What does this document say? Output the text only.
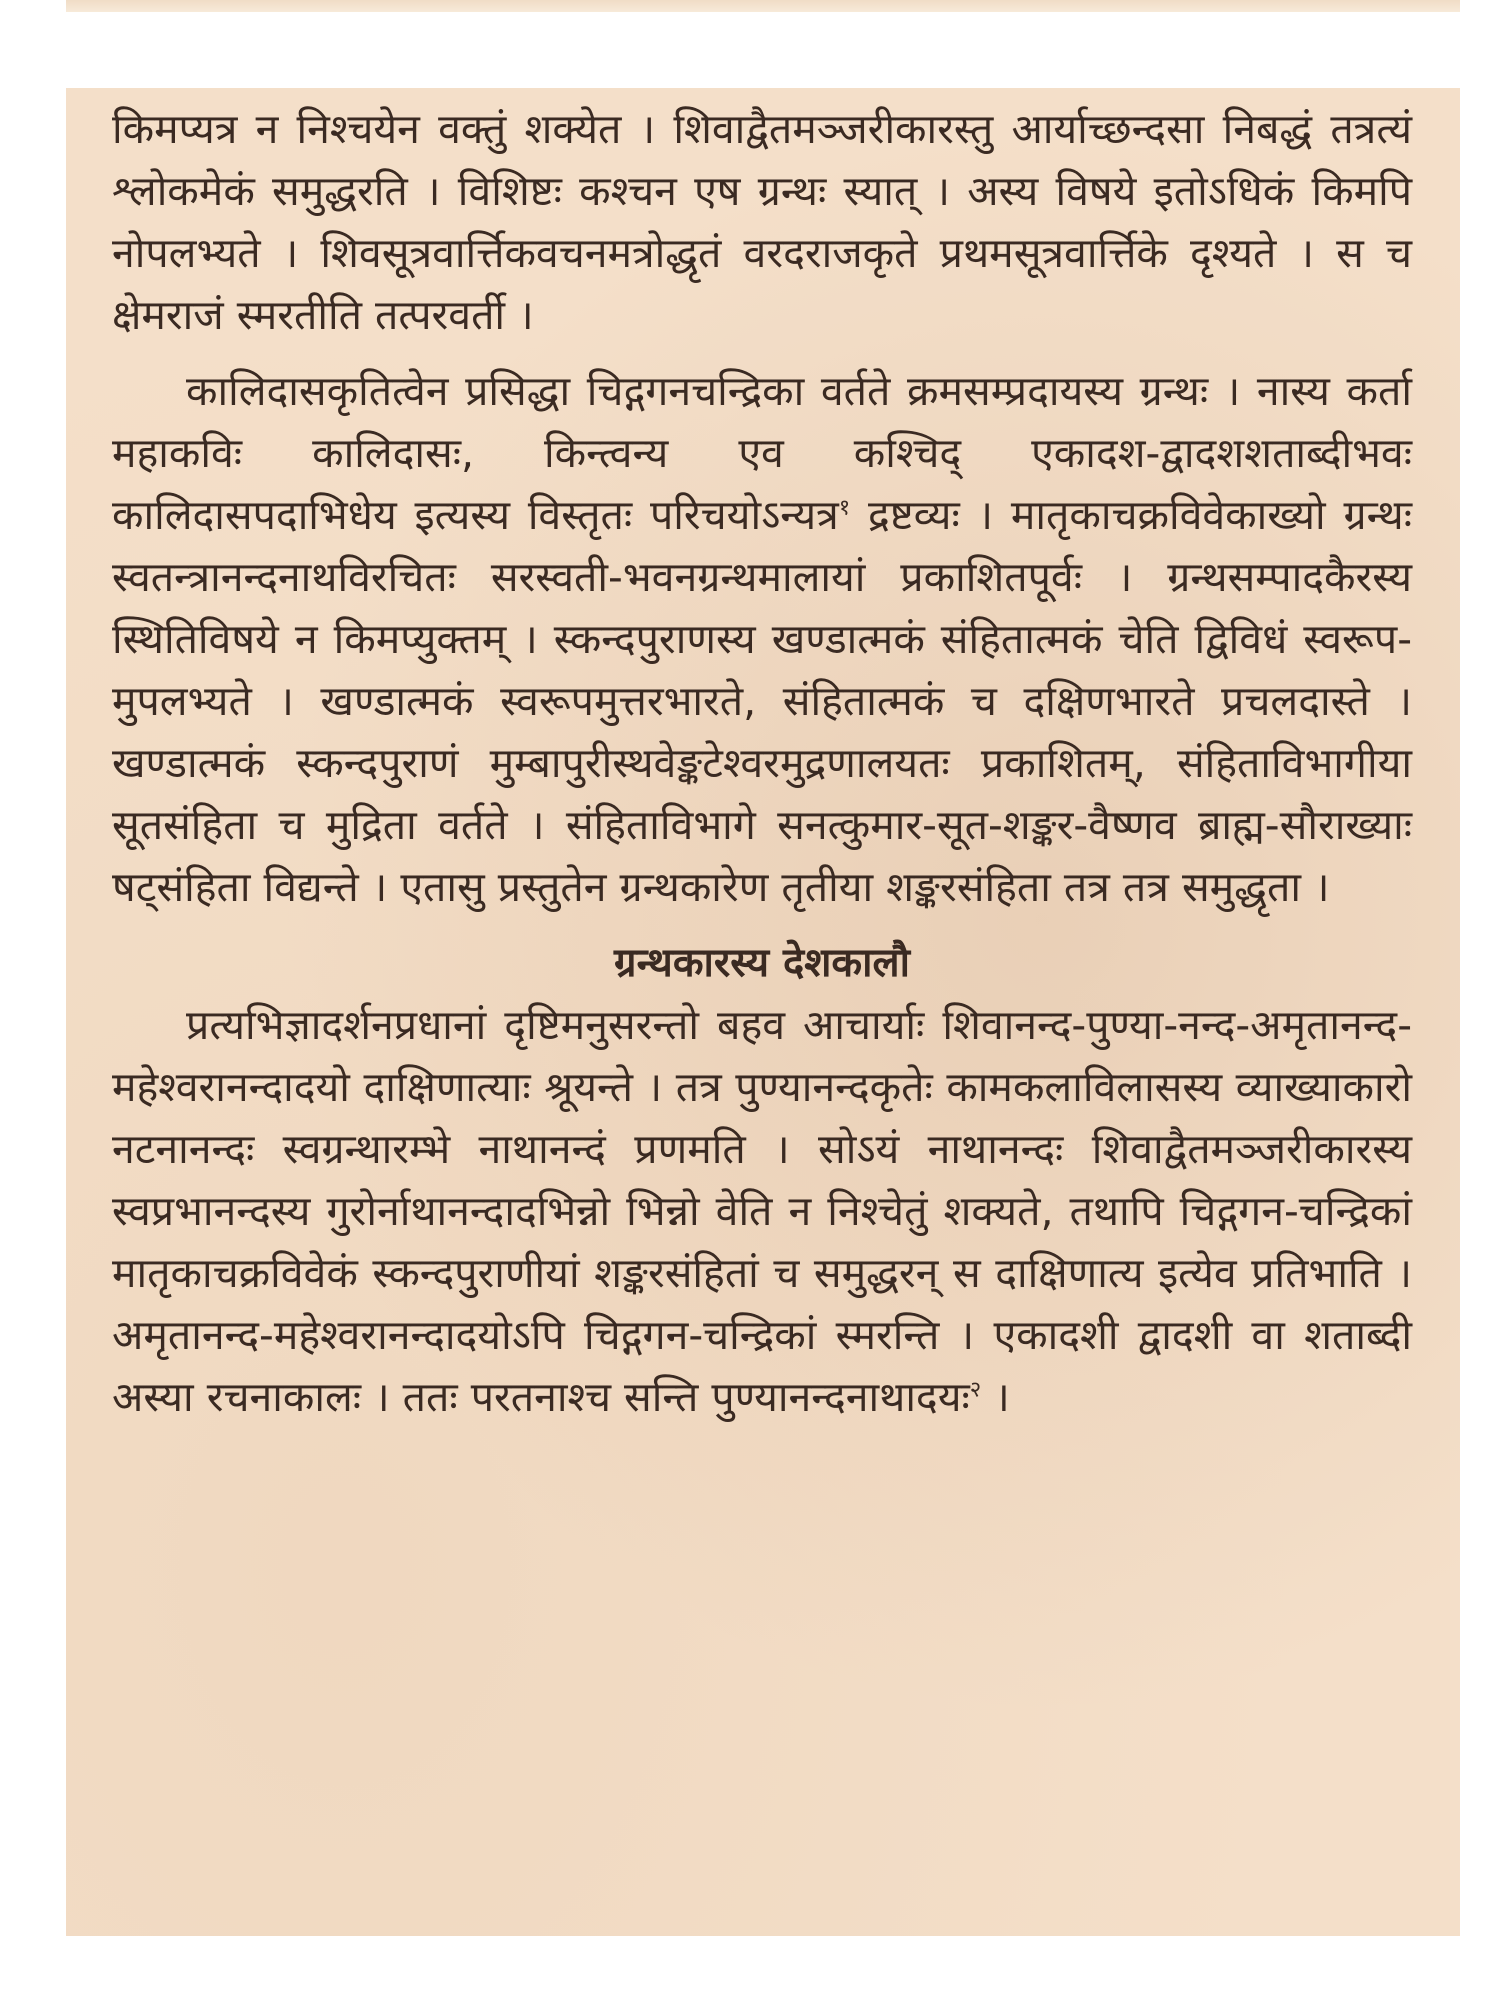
किमप्यत्र न निश्चयेन वक्तुं शक्येत । शिवाद्वैतमञ्जरीकारस्तु आर्याच्छन्दसा निबद्धं तत्रत्यं श्लोकमेकं समुद्धरति । विशिष्टः कश्चन एष ग्रन्थः स्यात् । अस्य विषये इतोऽधिकं किमपि नोपलभ्यते । शिवसूत्रवार्त्तिकवचनमत्रोद्धृतं वरदराजकृते प्रथमसूत्रवार्त्तिके दृश्यते । स च क्षेमराजं स्मरतीति तत्परवर्ती ।

कालिदासकृतित्वेन प्रसिद्धा चिद्गगनचन्द्रिका वर्तते क्रमसम्प्रदायस्य ग्रन्थः । नास्य कर्ता महाकविः कालिदासः, किन्त्वन्य एव कश्चिद् एकादश-द्वादशशताब्दीभवः कालिदासपदाभिधेय इत्यस्य विस्तृतः परिचयोऽन्यत्र$^१$ द्रष्टव्यः । मातृकाचक्रविवेकाख्यो ग्रन्थः स्वतन्त्रानन्दनाथविरचितः सरस्वती-भवनग्रन्थमालायां प्रकाशितपूर्वः । ग्रन्थसम्पादकैरस्य स्थितिविषये न किमप्युक्तम् । स्कन्दपुराणस्य खण्डात्मकं संहितात्मकं चेति द्विविधं स्वरूप-मुपलभ्यते । खण्डात्मकं स्वरूपमुत्तरभारते, संहितात्मकं च दक्षिणभारते प्रचलदास्ते । खण्डात्मकं स्कन्दपुराणं मुम्बापुरीस्थवेङ्कटेश्वरमुद्रणालयतः प्रकाशितम्, संहिताविभागीया सूतसंहिता च मुद्रिता वर्तते । संहिताविभागे सनत्कुमार-सूत-शङ्कर-वैष्णव ब्राह्म-सौराख्याः षट्संहिता विद्यन्ते । एतासु प्रस्तुतेन ग्रन्थकारेण तृतीया शङ्करसंहिता तत्र तत्र समुद्धृता ।

ग्रन्थकारस्य देशकालौ

प्रत्यभिज्ञादर्शनप्रधानां दृष्टिमनुसरन्तो बहव आचार्याः शिवानन्द-पुण्या-नन्द-अमृतानन्द-महेश्वरानन्दादयो दाक्षिणात्याः श्रूयन्ते । तत्र पुण्यानन्दकृतेः कामकलाविलासस्य व्याख्याकारो नटनानन्दः स्वग्रन्थारम्भे नाथानन्दं प्रणमति । सोऽयं नाथानन्दः शिवाद्वैतमञ्जरीकारस्य स्वप्रभानन्दस्य गुरोर्नाथानन्दादभिन्नो भिन्नो वेति न निश्चेतुं शक्यते, तथापि चिद्गगन-चन्द्रिकां मातृकाचक्रविवेकं स्कन्दपुराणीयां शङ्करसंहितां च समुद्धरन् स दाक्षिणात्य इत्येव प्रतिभाति । अमृतानन्द-महेश्वरानन्दादयोऽपि चिद्गगन-चन्द्रिकां स्मरन्ति । एकादशी द्वादशी वा शताब्दी अस्या रचनाकालः । ततः परतनाश्च सन्ति पुण्यानन्दनाथादयः$^२$ ।
